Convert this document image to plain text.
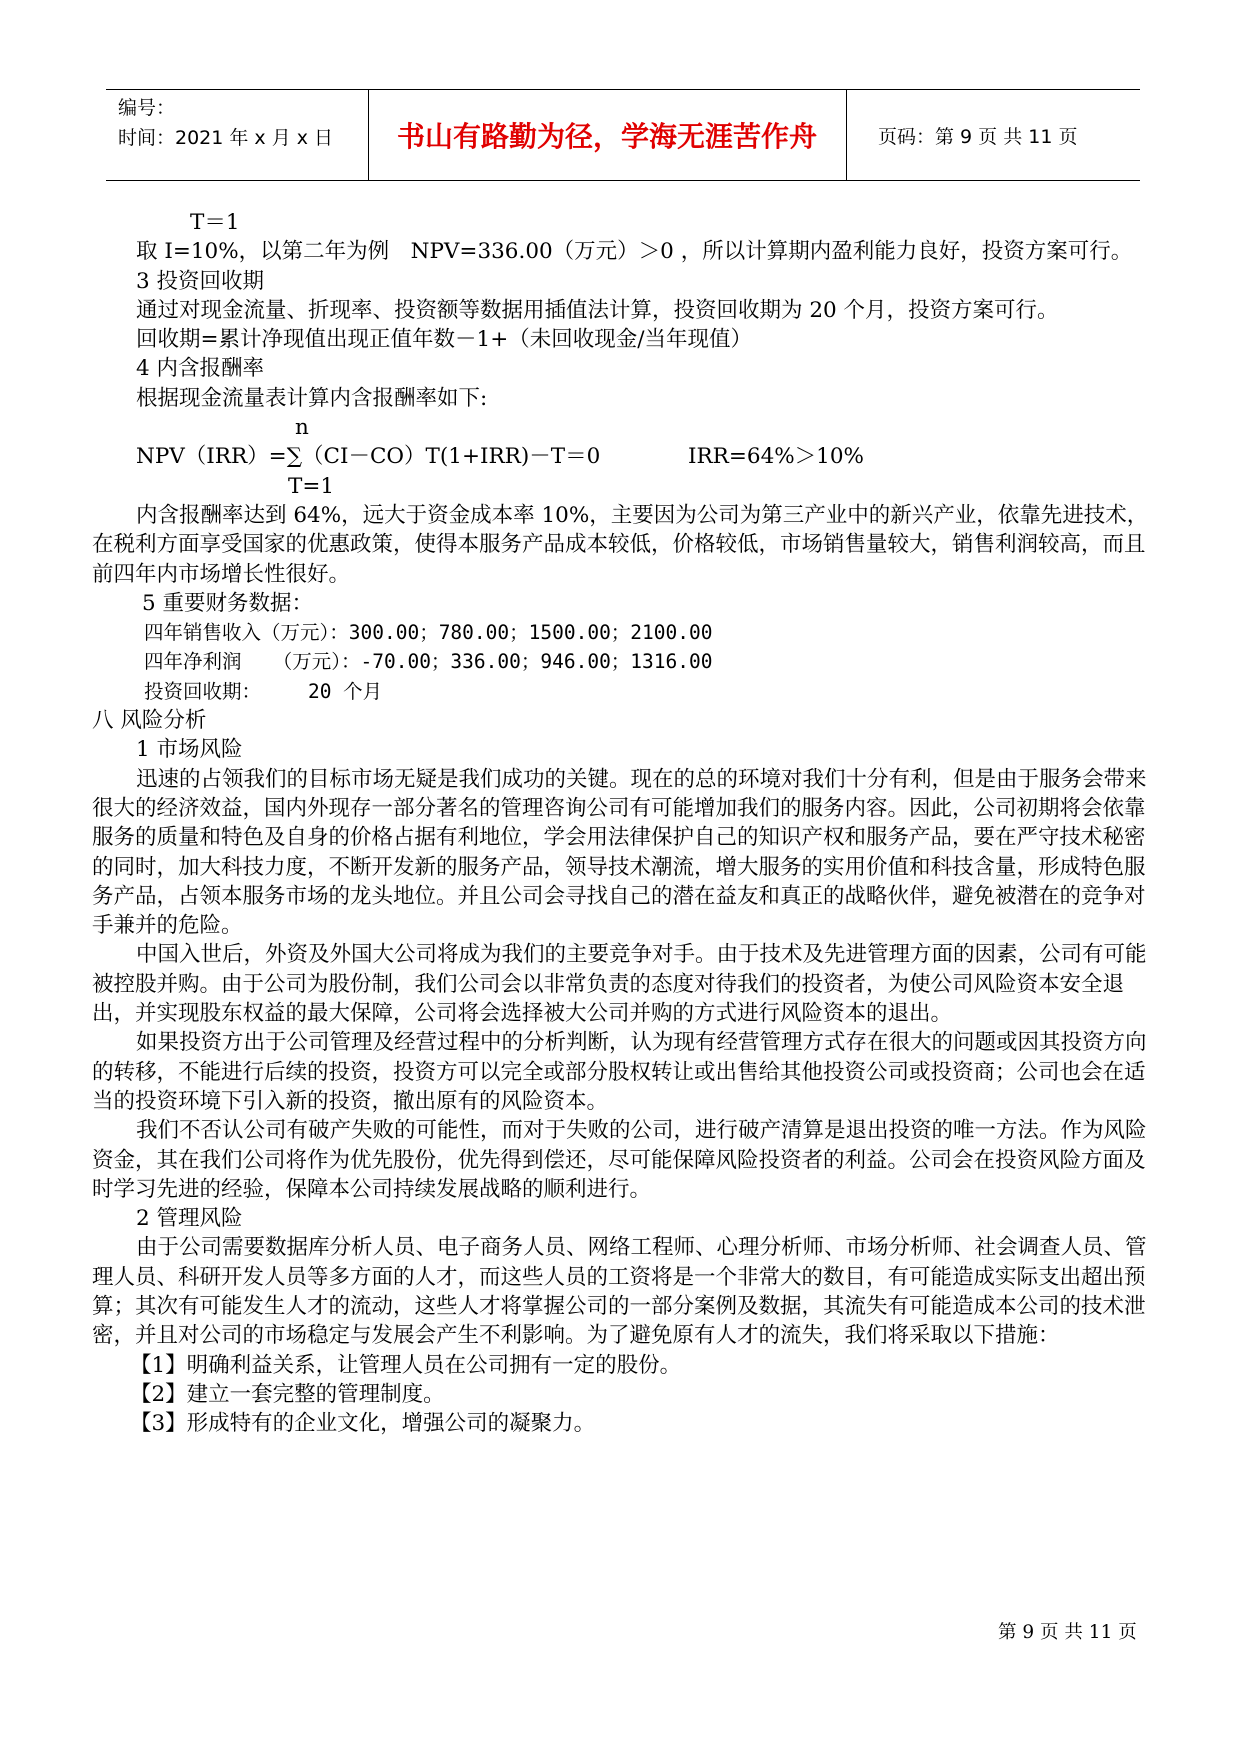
编号：
时间：2021 年 x 月 x 日	书山有路勤为径，学海无涯苦作舟	页码：第 9 页 共 11 页

T＝1

取 I=10%，以第二年为例　NPV=336.00（万元）＞0 ，所以计算期内盈利能力良好，投资方案可行。

3 投资回收期

通过对现金流量、折现率、投资额等数据用插值法计算，投资回收期为 20 个月，投资方案可行。

回收期=累计净现值出现正值年数－1+（未回收现金/当年现值）

4 内含报酬率

根据现金流量表计算内含报酬率如下:

n
NPV（IRR）=∑（CI－CO）T(1+IRR)－T＝0	IRR=64%＞10%
T=1

内含报酬率达到 64%，远大于资金成本率 10%，主要因为公司为第三产业中的新兴产业，依靠先进技术，在税利方面享受国家的优惠政策，使得本服务产品成本较低，价格较低，市场销售量较大，销售利润较高，而且前四年内市场增长性很好。

5 重要财务数据：

四年销售收入（万元）：300.00；780.00；1500.00；2100.00

四年净利润　 （万元）：-70.00；336.00；946.00；1316.00

投资回收期：    20 个月

八 风险分析

1 市场风险

迅速的占领我们的目标市场无疑是我们成功的关键。现在的总的环境对我们十分有利，但是由于服务会带来很大的经济效益，国内外现存一部分著名的管理咨询公司有可能增加我们的服务内容。因此，公司初期将会依靠服务的质量和特色及自身的价格占据有利地位，学会用法律保护自己的知识产权和服务产品，要在严守技术秘密的同时，加大科技力度，不断开发新的服务产品，领导技术潮流，增大服务的实用价值和科技含量，形成特色服务产品，占领本服务市场的龙头地位。并且公司会寻找自己的潜在益友和真正的战略伙伴，避免被潜在的竞争对手兼并的危险。

中国入世后，外资及外国大公司将成为我们的主要竞争对手。由于技术及先进管理方面的因素，公司有可能被控股并购。由于公司为股份制，我们公司会以非常负责的态度对待我们的投资者，为使公司风险资本安全退出，并实现股东权益的最大保障，公司将会选择被大公司并购的方式进行风险资本的退出。

如果投资方出于公司管理及经营过程中的分析判断，认为现有经营管理方式存在很大的问题或因其投资方向的转移，不能进行后续的投资，投资方可以完全或部分股权转让或出售给其他投资公司或投资商；公司也会在适当的投资环境下引入新的投资，撤出原有的风险资本。

我们不否认公司有破产失败的可能性，而对于失败的公司，进行破产清算是退出投资的唯一方法。作为风险资金，其在我们公司将作为优先股份，优先得到偿还，尽可能保障风险投资者的利益。公司会在投资风险方面及时学习先进的经验，保障本公司持续发展战略的顺利进行。

2 管理风险

由于公司需要数据库分析人员、电子商务人员、网络工程师、心理分析师、市场分析师、社会调查人员、管理人员、科研开发人员等多方面的人才，而这些人员的工资将是一个非常大的数目，有可能造成实际支出超出预算；其次有可能发生人才的流动，这些人才将掌握公司的一部分案例及数据，其流失有可能造成本公司的技术泄密，并且对公司的市场稳定与发展会产生不利影响。为了避免原有人才的流失，我们将采取以下措施：

【1】明确利益关系，让管理人员在公司拥有一定的股份。

【2】建立一套完整的管理制度。

【3】形成特有的企业文化，增强公司的凝聚力。

第 9 页 共 11 页
